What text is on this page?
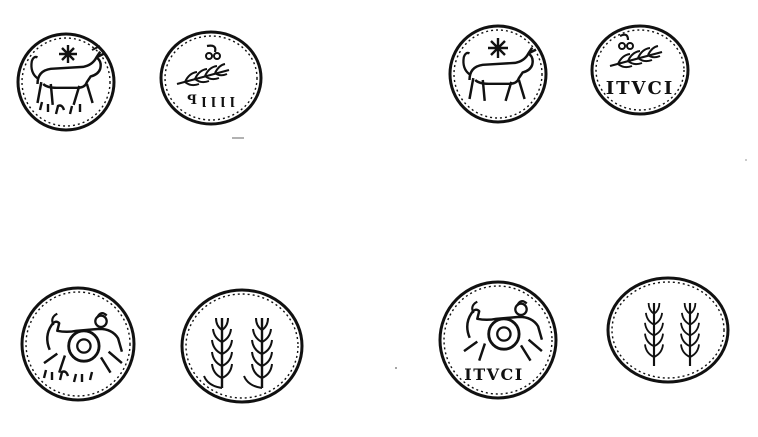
ꟼ ꞁ ꞁ ꞁ ꞁ
ITVCI
ITVCI
